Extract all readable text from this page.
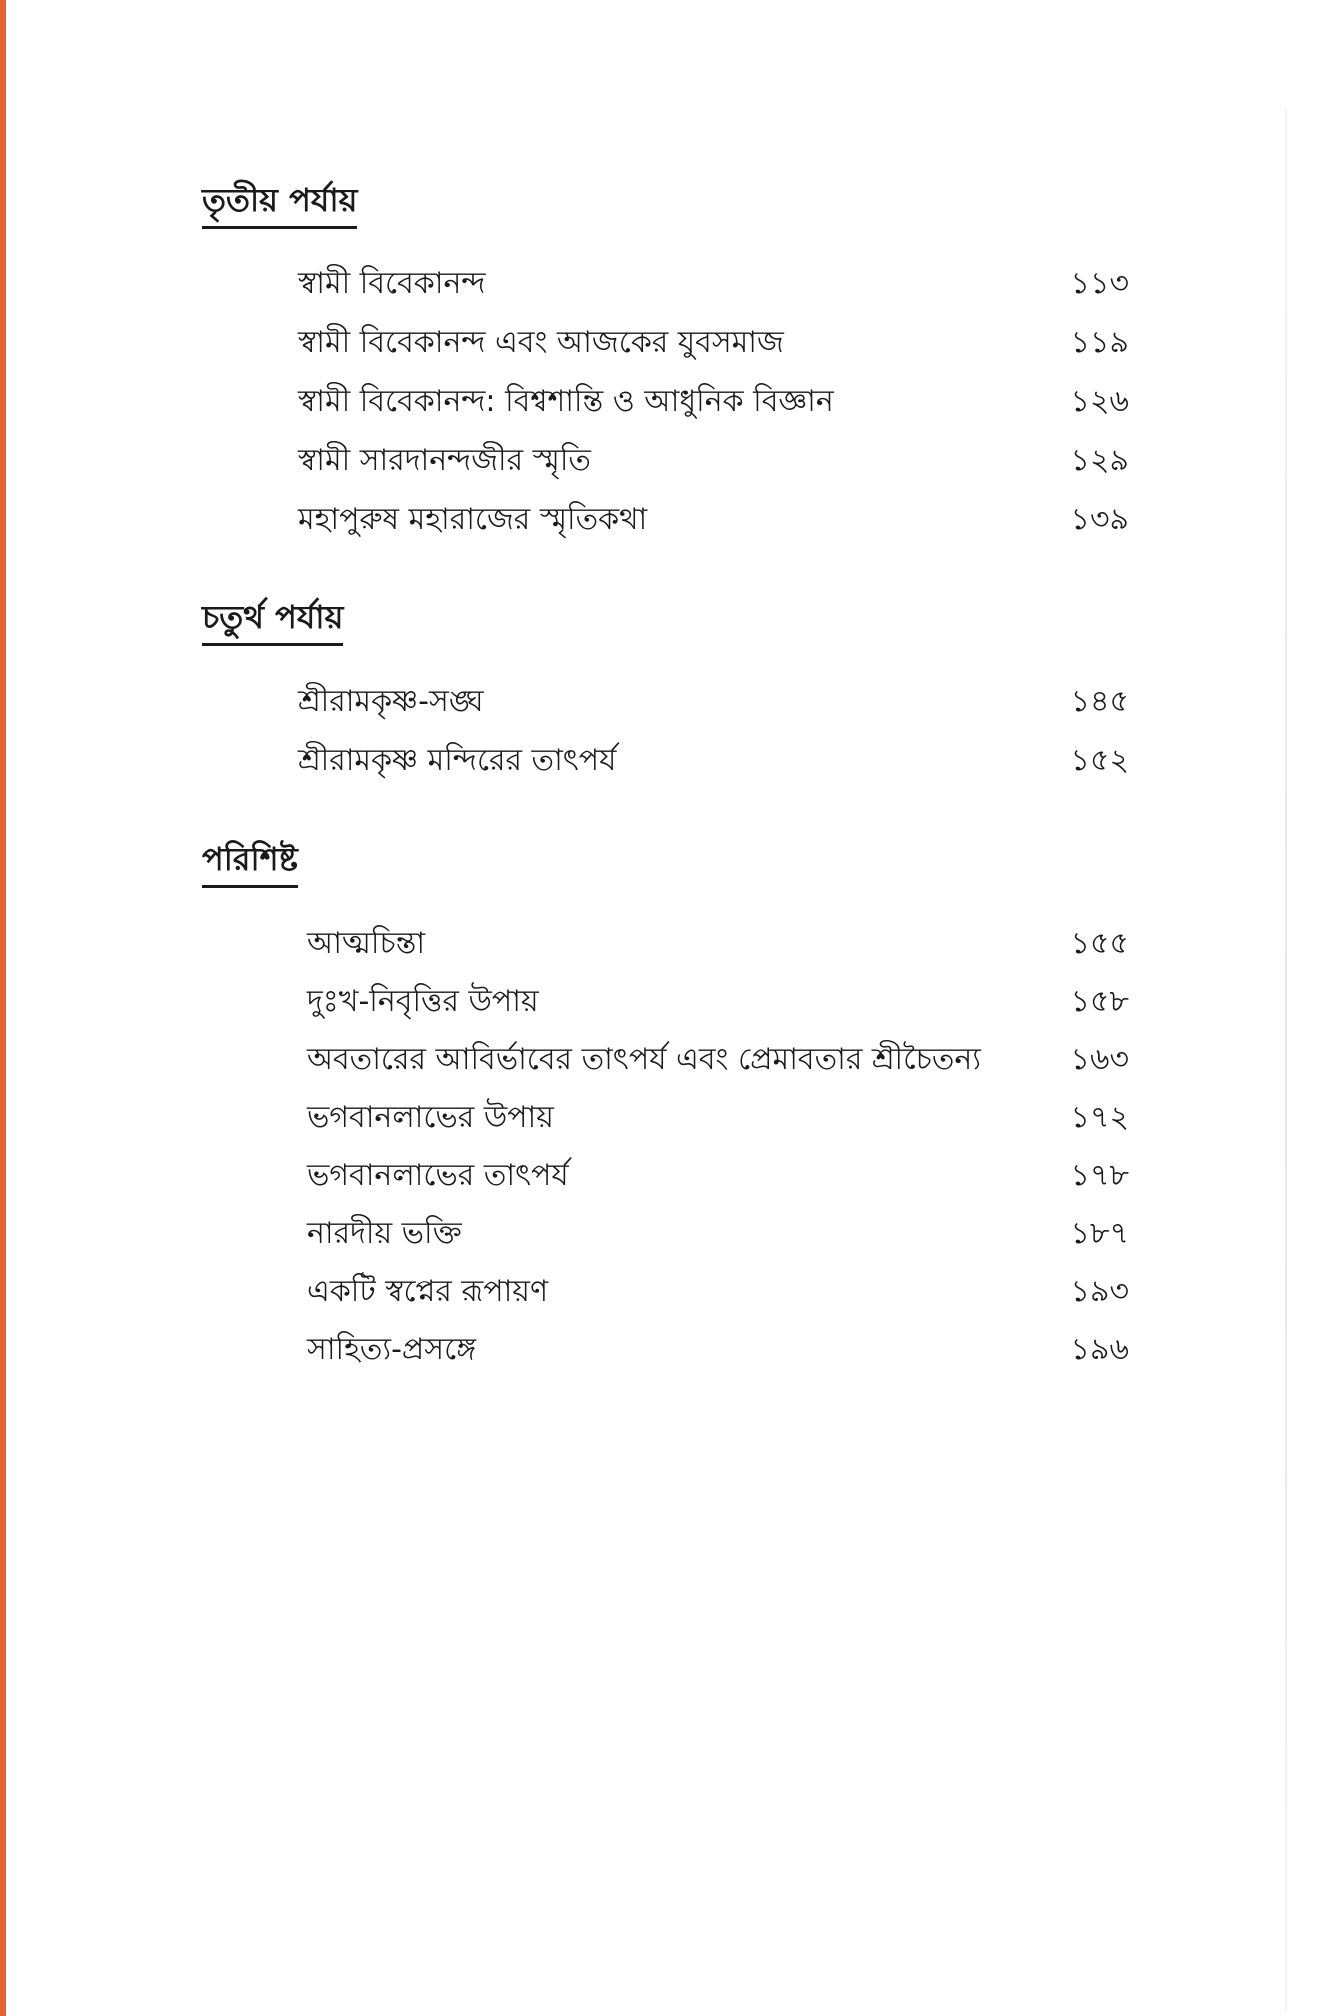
তৃতীয় পর্যায়
স্বামী বিবেকানন্দ	১১৩
স্বামী বিবেকানন্দ এবং আজকের যুবসমাজ	১১৯
স্বামী বিবেকানন্দ: বিশ্বশান্তি ও আধুনিক বিজ্ঞান	১২৬
স্বামী সারদানন্দজীর স্মৃতি	১২৯
মহাপুরুষ মহারাজের স্মৃতিকথা	১৩৯
চতুর্থ পর্যায়
শ্রীরামকৃষ্ণ-সঙ্ঘ	১৪৫
শ্রীরামকৃষ্ণ মন্দিরের তাৎপর্য	১৫২
পরিশিষ্ট
আত্মচিন্তা	১৫৫
দুঃখ-নিবৃত্তির উপায়	১৫৮
অবতারের আবির্ভাবের তাৎপর্য এবং প্রেমাবতার শ্রীচৈতন্য	১৬৩
ভগবানলাভের উপায়	১৭২
ভগবানলাভের তাৎপর্য	১৭৮
নারদীয় ভক্তি	১৮৭
একটি স্বপ্নের রূপায়ণ	১৯৩
সাহিত্য-প্রসঙ্গে	১৯৬
